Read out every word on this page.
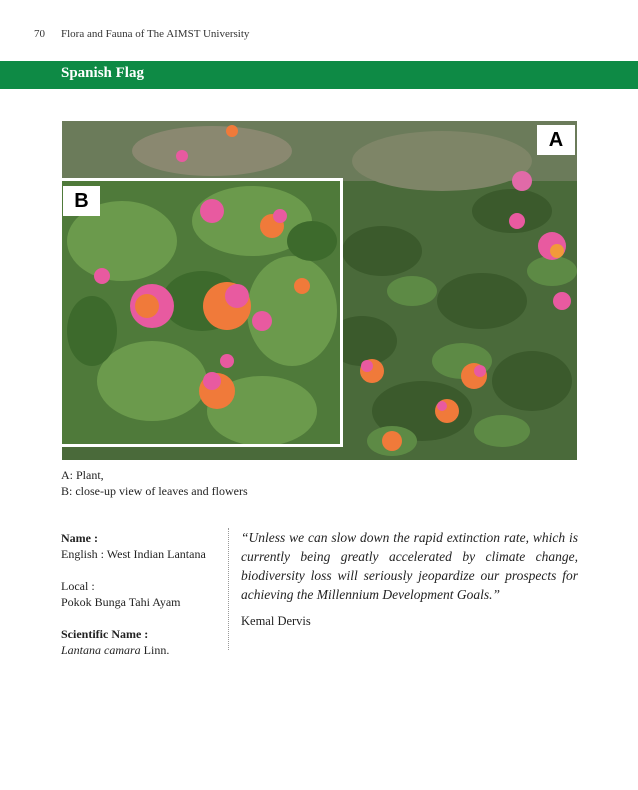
70 Flora and Fauna of The AIMST University
Spanish Flag
A
B
A: Plant,
B: close-up view of leaves and flowers
Name :
English : West Indian Lantana
Local :
Pokok Bunga Tahi Ayam
Scientific Name :
Lantana camara Linn.
“Unless we can slow down the rapid extinction rate, which is currently being greatly accelerated by climate change, biodiversity loss will seriously jeopardize our prospects for achieving the Millennium Development Goals.”
Kemal Dervis
